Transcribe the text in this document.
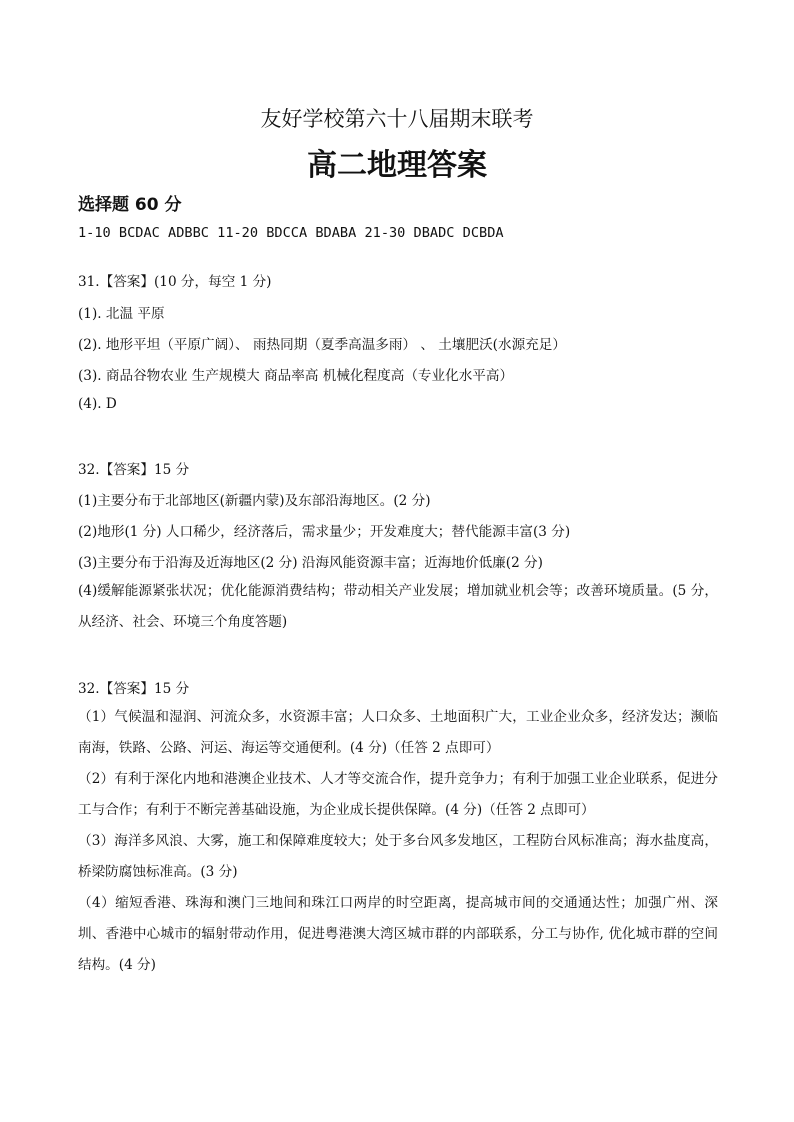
友好学校第六十八届期末联考
高二地理答案
选择题 60 分
1-10 BCDAC ADBBC 11-20 BDCCA BDABA 21-30 DBADC DCBDA
31.【答案】(10 分，每空 1 分)
(1). 北温 平原
(2). 地形平坦（平原广阔）、 雨热同期（夏季高温多雨） 、 土壤肥沃(水源充足）
(3). 商品谷物农业 生产规模大 商品率高 机械化程度高（专业化水平高）
(4). D
32.【答案】15 分
(1)主要分布于北部地区(新疆内蒙)及东部沿海地区。(2 分)
(2)地形(1 分) 人口稀少，经济落后，需求量少；开发难度大；替代能源丰富(3 分)
(3)主要分布于沿海及近海地区(2 分) 沿海风能资源丰富；近海地价低廉(2 分)
(4)缓解能源紧张状况；优化能源消费结构；带动相关产业发展；增加就业机会等；改善环境质量。(5 分，从经济、社会、环境三个角度答题)
32.【答案】15 分
（1）气候温和湿润、河流众多，水资源丰富；人口众多、土地面积广大，工业企业众多，经济发达；濒临南海，铁路、公路、河运、海运等交通便利。(4 分)（任答 2 点即可）
（2）有利于深化内地和港澳企业技术、人才等交流合作，提升竞争力；有利于加强工业企业联系，促进分工与合作；有利于不断完善基础设施，为企业成长提供保障。(4 分)（任答 2 点即可）
（3）海洋多风浪、大雾，施工和保障难度较大；处于多台风多发地区，工程防台风标准高；海水盐度高，桥梁防腐蚀标准高。(3 分)
（4）缩短香港、珠海和澳门三地间和珠江口两岸的时空距离，提高城市间的交通通达性；加强广州、深圳、香港中心城市的辐射带动作用，促进粤港澳大湾区城市群的内部联系，分工与协作, 优化城市群的空间结构。(4 分)
